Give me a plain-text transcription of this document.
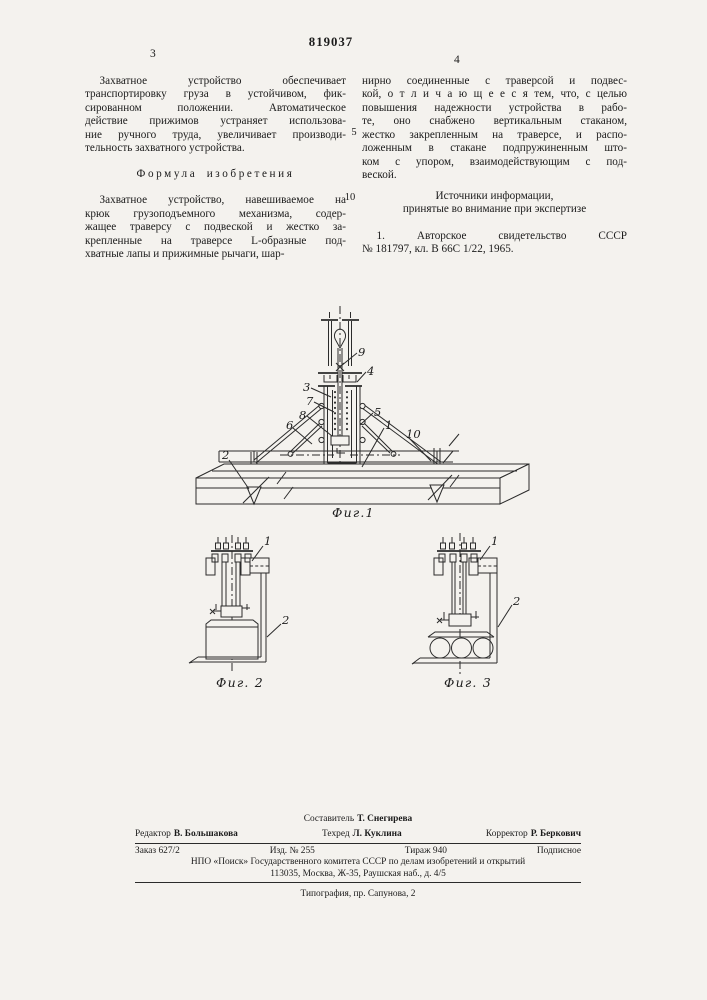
819037
3	4
5
10
Захватное устройство обеспечивает
транспортировку груза в устойчивом, фик-
сированном положении. Автоматическое
действие прижимов устраняет использова-
ние ручного труда, увеличивает производи-
тельность захватного устройства.
Формула изобретения
Захватное устройство, навешиваемое на
крюк грузоподъемного механизма, содер-
жащее траверсу с подвеской и жестко за-
крепленные на траверсе L-образные под-
хватные лапы и прижимные рычаги, шар-
нирно соединенные с траверсой и подвес-
кой, о т л и ч а ю щ е е с я тем, что, с целью
повышения надежности устройства в рабо-
те, оно снабжено вертикальным стаканом,
жестко закрепленным на траверсе, и распо-
ложенным в стакане подпружиненным што-
ком с упором, взаимодействующим с под-
веской.
Источники информации,
принятые во внимание при экспертизе
1. Авторское свидетельство СССР
№ 181797, кл. B 66C 1/22, 1965.
9
4
3
7
8
6
5
1
10
2
Фиг.1
1
2
Фиг. 2
1
2
Фиг. 3
Составитель Т. Снегирева
Редактор В. Большакова	Техред Л. Куклина	Корректор Р. Беркович
Заказ 627/2	Изд. № 255	Тираж 940	Подписное
НПО «Поиск» Государственного комитета СССР по делам изобретений и открытий
113035, Москва, Ж-35, Раушская наб., д. 4/5
Типография, пр. Сапунова, 2
